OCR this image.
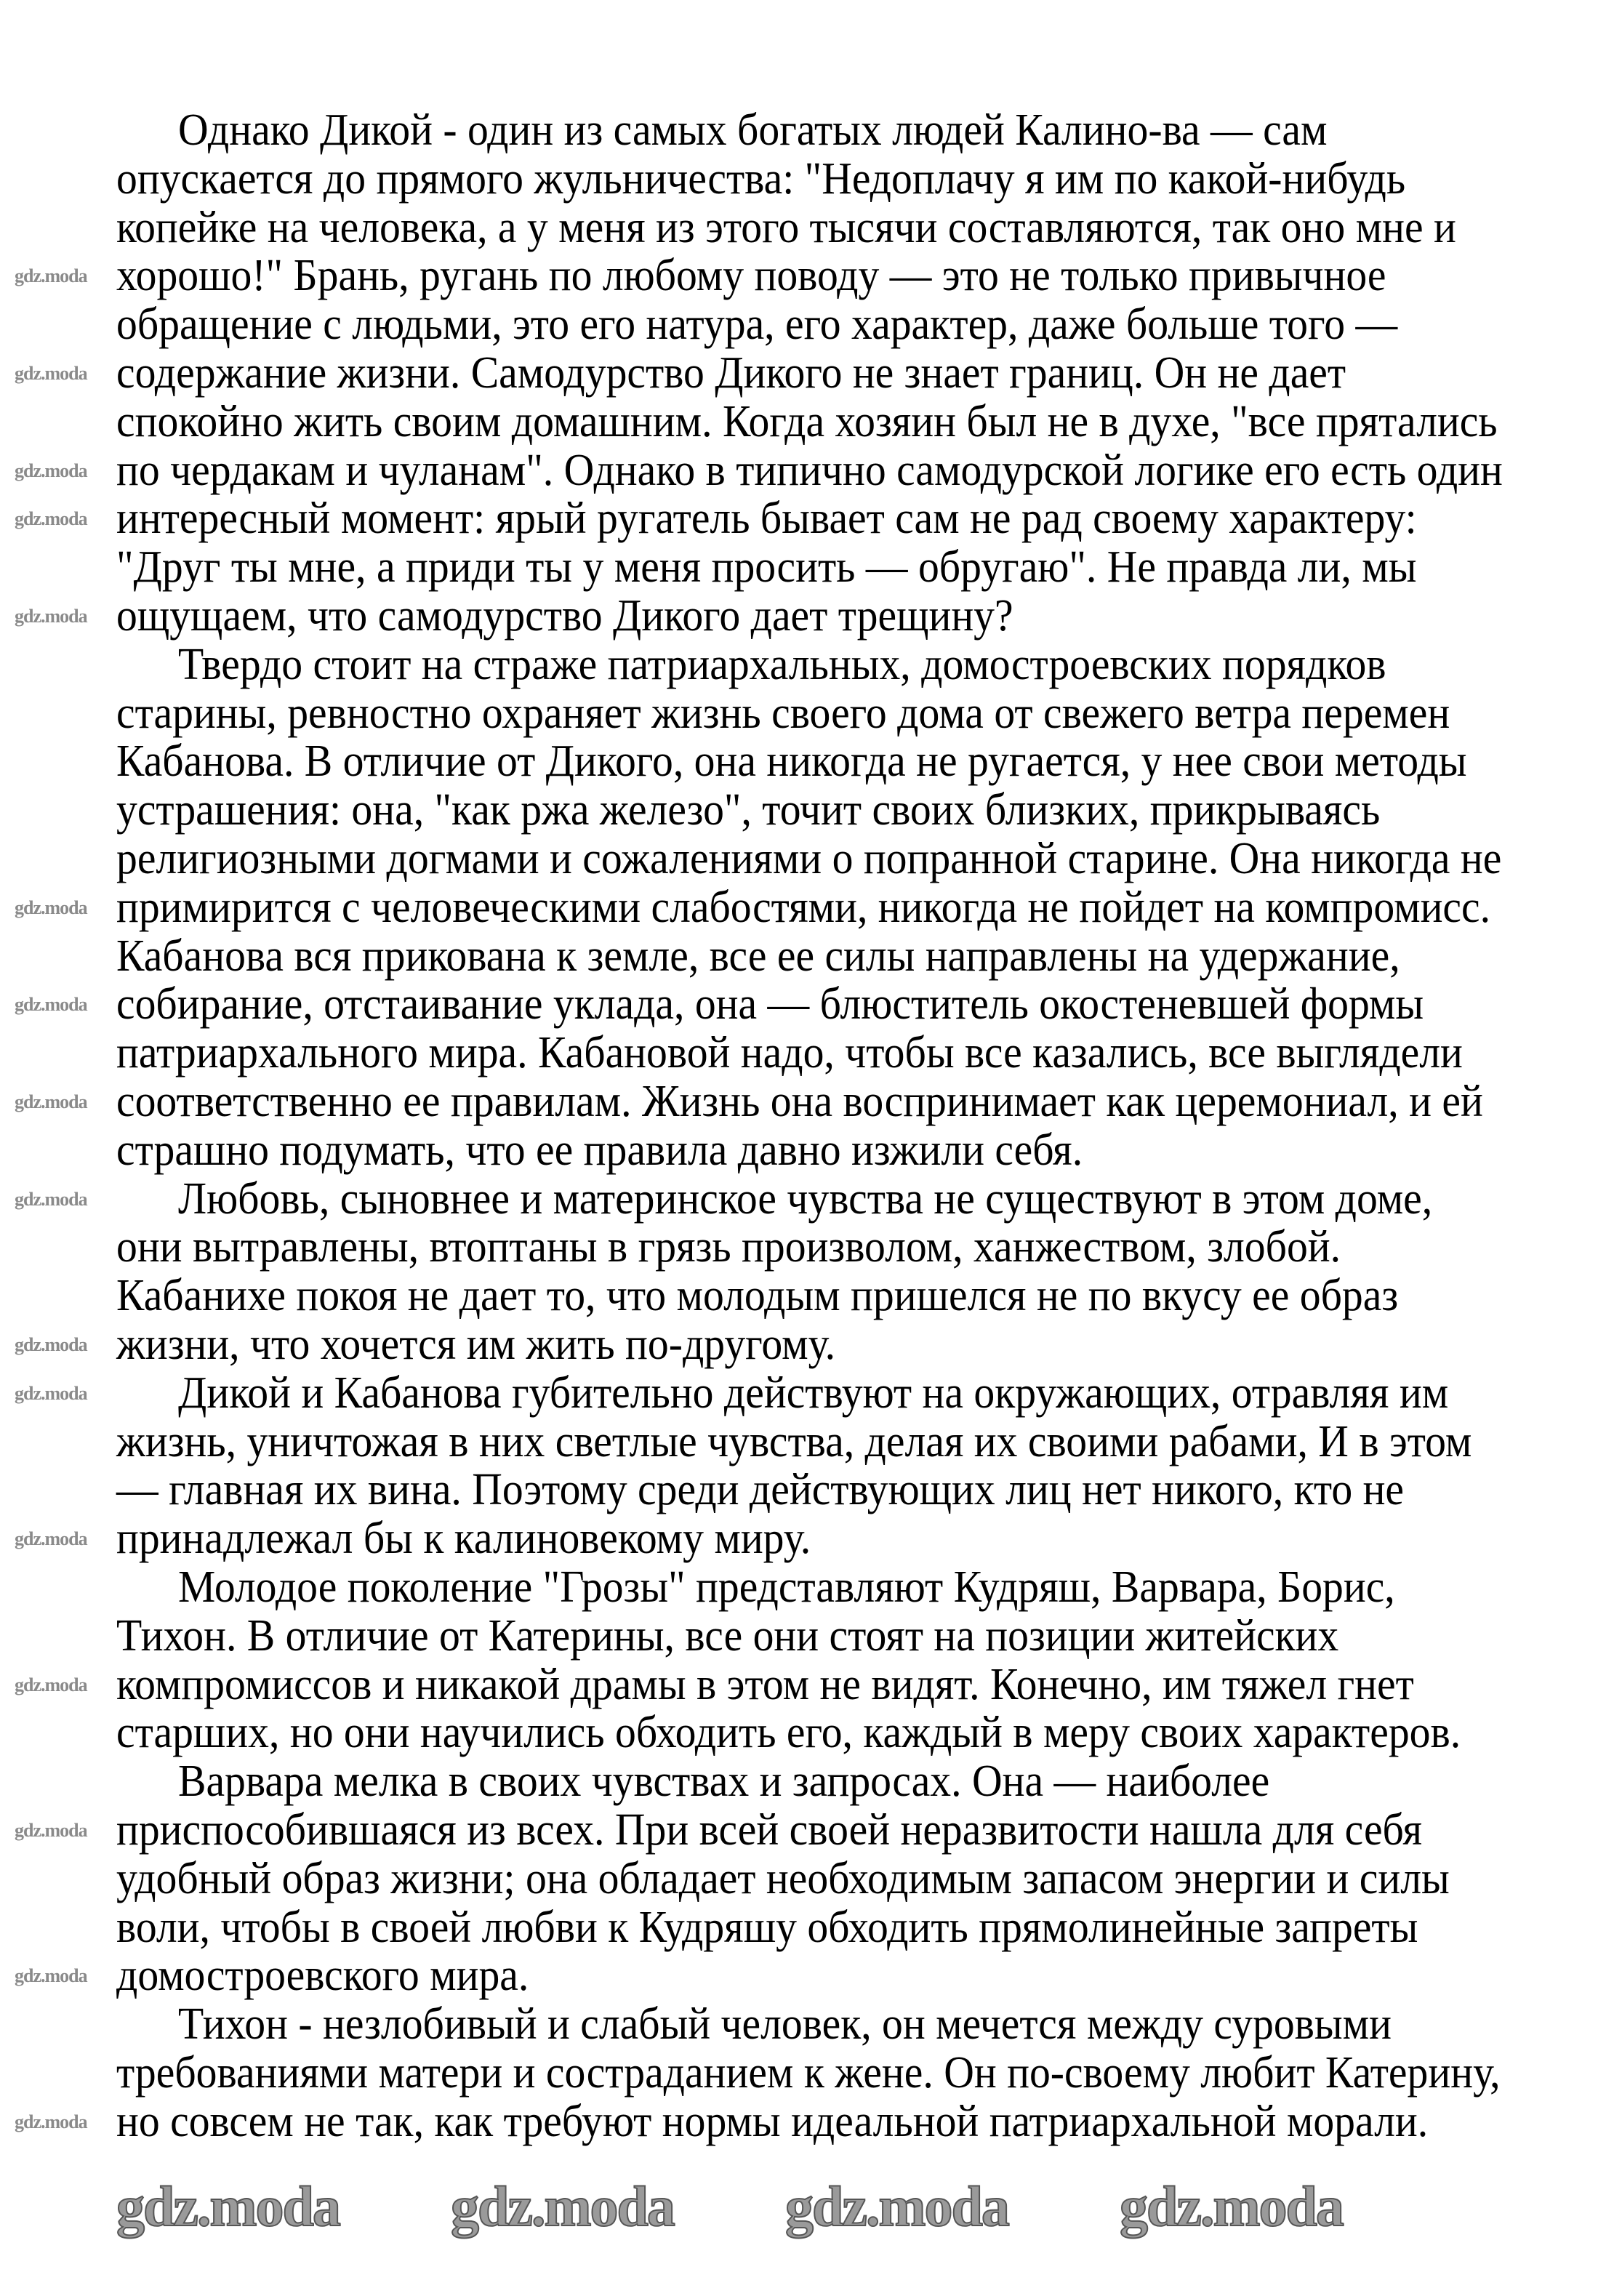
Однако Дикой - один из самых богатых людей Калино-ва — сам
опускается до прямого жульничества: "Недоплачу я им по какой-нибудь
копейке на человека, а у меня из этого тысячи составляются, так оно мне и
хорошо!" Брань, ругань по любому поводу — это не только привычное
обращение с людьми, это его натура, его характер, даже больше того —
содержание жизни. Самодурство Дикого не знает границ. Он не дает
спокойно жить своим домашним. Когда хозяин был не в духе, "все прятались
по чердакам и чуланам". Однако в типично самодурской логике его есть один
интересный момент: ярый ругатель бывает сам не рад своему характеру:
"Друг ты мне, а приди ты у меня просить — обругаю". Не правда ли, мы
ощущаем, что самодурство Дикого дает трещину?
Твердо стоит на страже патриархальных, домостроевских порядков
старины, ревностно охраняет жизнь своего дома от свежего ветра перемен
Кабанова. В отличие от Дикого, она никогда не ругается, у нее свои методы
устрашения: она, "как ржа железо", точит своих близких, прикрываясь
религиозными догмами и сожалениями о попранной старине. Она никогда не
примирится с человеческими слабостями, никогда не пойдет на компромисс.
Кабанова вся прикована к земле, все ее силы направлены на удержание,
собирание, отстаивание уклада, она — блюститель окостеневшей формы
патриархального мира. Кабановой надо, чтобы все казались, все выглядели
соответственно ее правилам. Жизнь она воспринимает как церемониал, и ей
страшно подумать, что ее правила давно изжили себя.
Любовь, сыновнее и материнское чувства не существуют в этом доме,
они вытравлены, втоптаны в грязь произволом, ханжеством, злобой.
Кабанихе покоя не дает то, что молодым пришелся не по вкусу ее образ
жизни, что хочется им жить по-другому.
Дикой и Кабанова губительно действуют на окружающих, отравляя им
жизнь, уничтожая в них светлые чувства, делая их своими рабами, И в этом
— главная их вина. Поэтому среди действующих лиц нет никого, кто не
принадлежал бы к калиновекому миру.
Молодое поколение "Грозы" представляют Кудряш, Варвара, Борис,
Тихон. В отличие от Катерины, все они стоят на позиции житейских
компромиссов и никакой драмы в этом не видят. Конечно, им тяжел гнет
старших, но они научились обходить его, каждый в меру своих характеров.
Варвара мелка в своих чувствах и запросах. Она — наиболее
приспособившаяся из всех. При всей своей неразвитости нашла для себя
удобный образ жизни; она обладает необходимым запасом энергии и силы
воли, чтобы в своей любви к Кудряшу обходить прямолинейные запреты
домостроевского мира.
Тихон - незлобивый и слабый человек, он мечется между суровыми
требованиями матери и состраданием к жене. Он по-своему любит Катерину,
но совсем не так, как требуют нормы идеальной патриархальной морали.
gdz.moda
gdz.moda
gdz.moda
gdz.moda
gdz.moda
gdz.moda
gdz.moda
gdz.moda
gdz.moda
gdz.moda
gdz.moda
gdz.moda
gdz.moda
gdz.moda
gdz.moda
gdz.moda
gdz.moda gdz.moda gdz.moda gdz.moda
